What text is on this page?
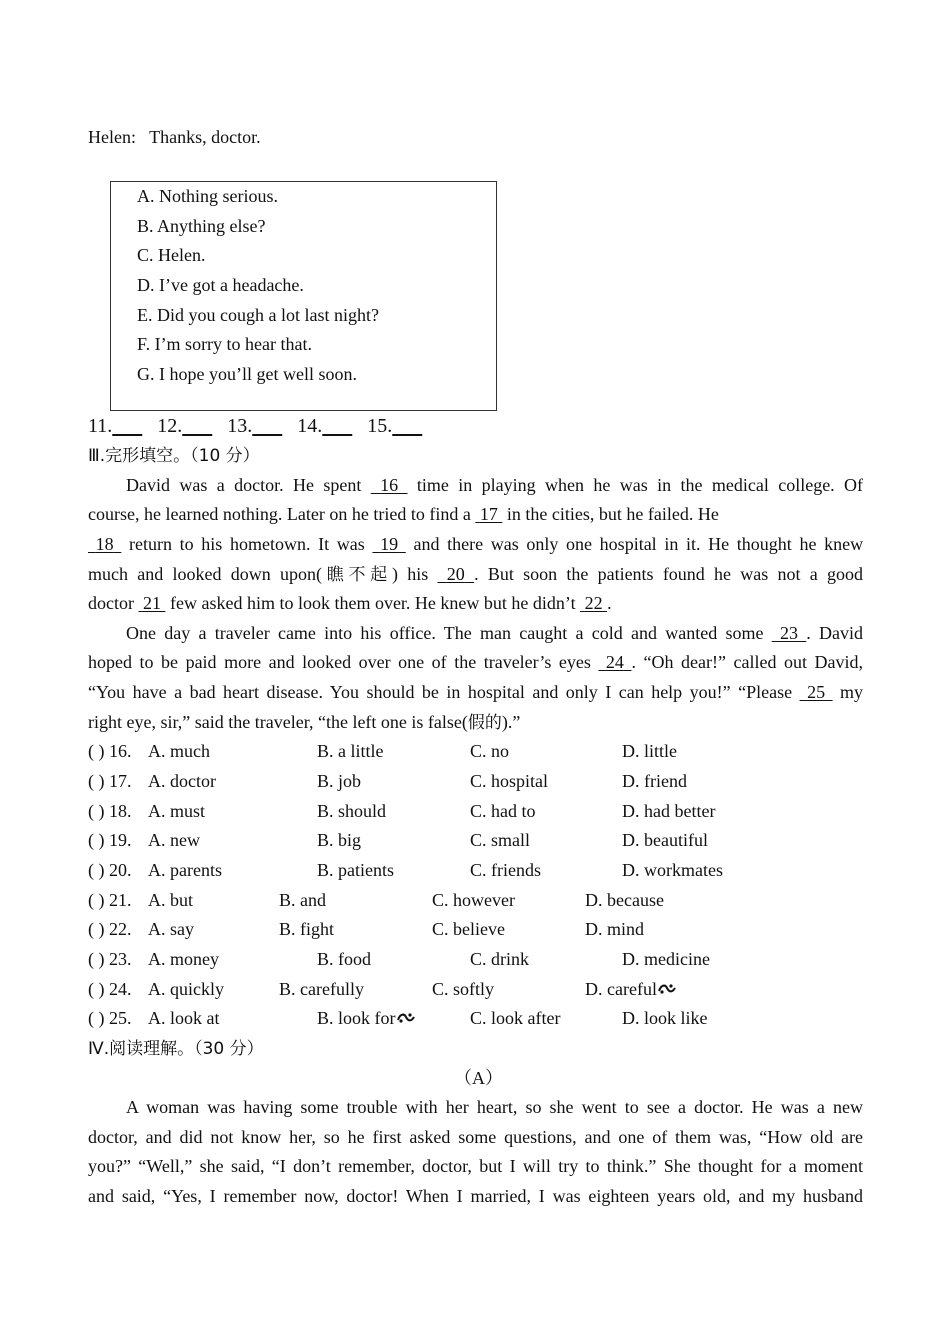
Helen: Thanks, doctor.
A. Nothing serious.
B. Anything else?
C. Helen.
D. I’ve got a headache.
E. Did you cough a lot last night?
F. I’m sorry to hear that.
G. I hope you’ll get well soon.
11. 12. 13. 14. 15.
Ⅲ.完形填空。（10 分）
David was a doctor. He spent 16 time in playing when he was in the medical college. Of
course, he learned nothing. Later on he tried to find a 17 in the cities, but he failed. He
18 return to his hometown. It was 19 and there was only one hospital in it. He thought he knew
much and looked down upon(瞧不起) his 20 . But soon the patients found he was not a good
doctor 21 few asked him to look them over. He knew but he didn’t 22 .
One day a traveler came into his office. The man caught a cold and wanted some 23 . David
hoped to be paid more and looked over one of the traveler’s eyes 24 . “Oh dear!” called out David,
“You have a bad heart disease. You should be in hospital and only I can help you!” “Please 25 my
right eye, sir,” said the traveler, “the left one is false(假的).”
( ) 16. A. much	B. a little	C. no	D. little
( ) 17. A. doctor	B. job	C. hospital	D. friend
( ) 18. A. must	B. should	C. had to	D. had better
( ) 19. A. new	B. big	C. small	D. beautiful
( ) 20. A. parents	B. patients	C. friends	D. workmates
( ) 21. A. but	B. and	C. however	D. because
( ) 22. A. say	B. fight	C. believe	D. mind
( ) 23. A. money	B. food	C. drink	D. medicine
( ) 24. A. quickly	B. carefully	C. softly	D. careful
( ) 25. A. look at	B. look for	C. look after	D. look like
Ⅳ.阅读理解。（30 分）
（A）
A woman was having some trouble with her heart, so she went to see a doctor. He was a new
doctor, and did not know her, so he first asked some questions, and one of them was, “How old are
you?” “Well,” she said, “I don’t remember, doctor, but I will try to think.” She thought for a moment
and said, “Yes, I remember now, doctor! When I married, I was eighteen years old, and my husband
